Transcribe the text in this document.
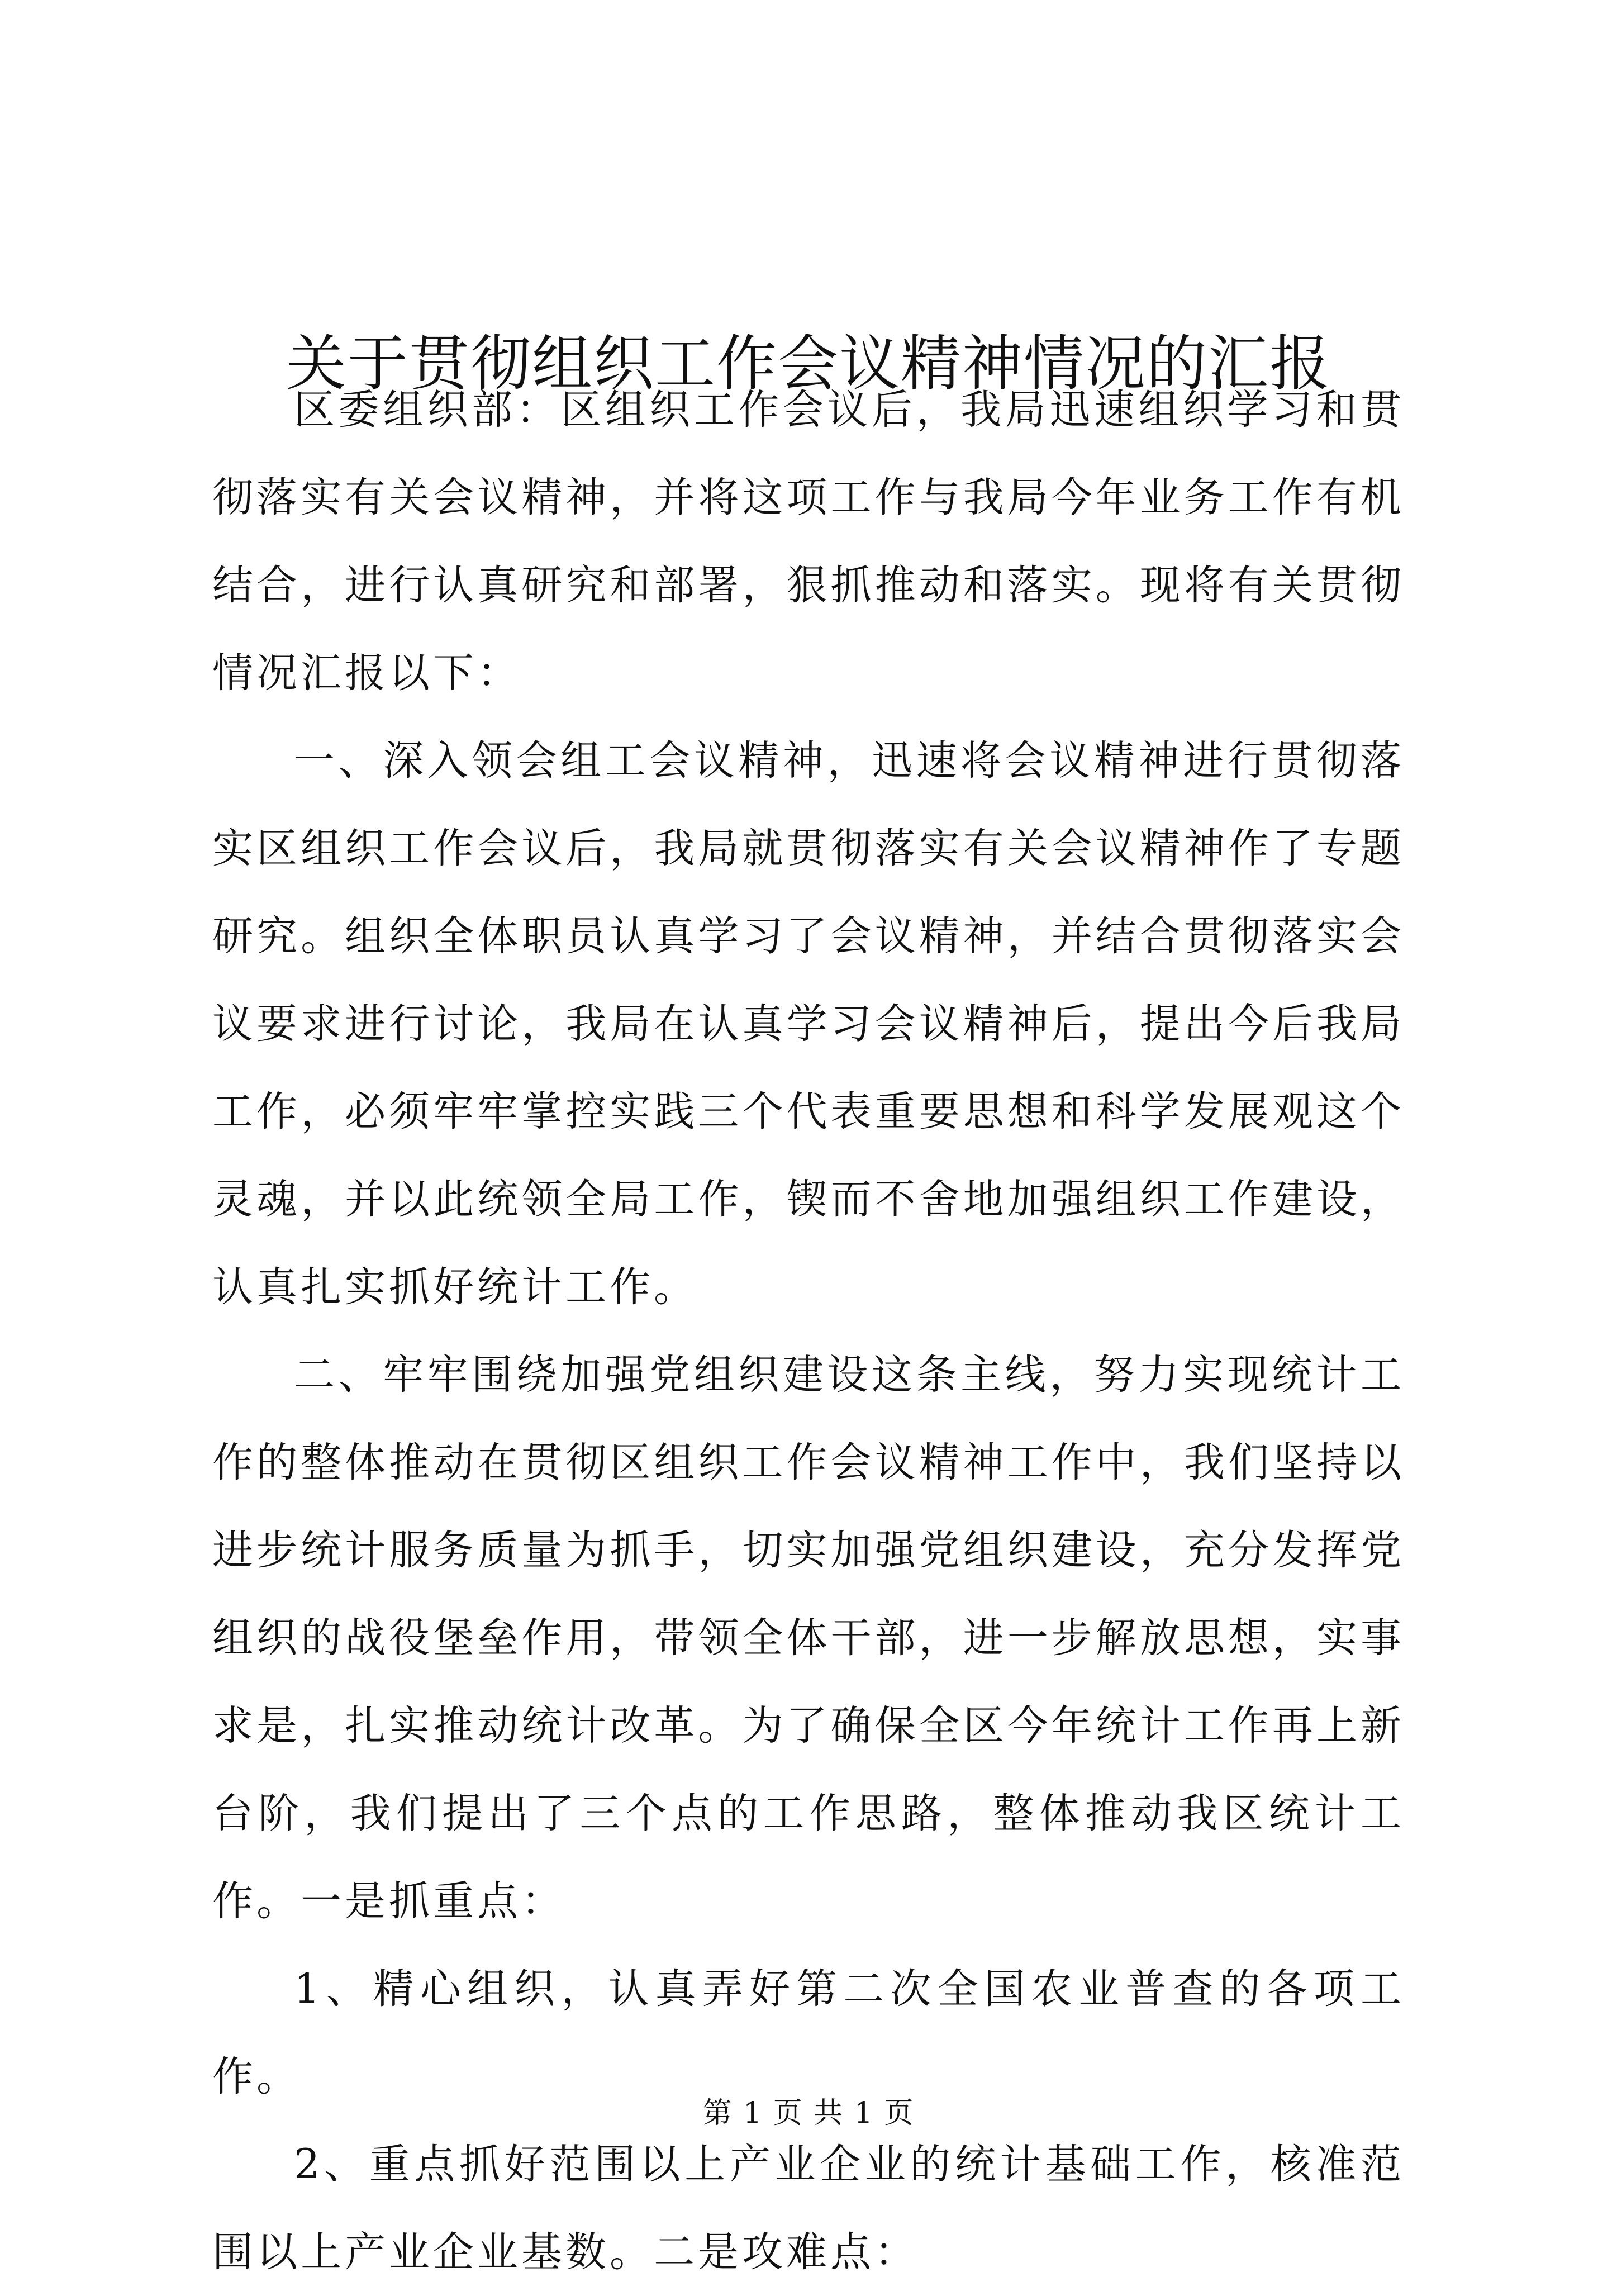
关于贯彻组织工作会议精神情况的汇报

区委组织部：区组织工作会议后，我局迅速组织学习和贯彻落实有关会议精神，并将这项工作与我局今年业务工作有机结合，进行认真研究和部署，狠抓推动和落实。现将有关贯彻情况汇报以下：

一、深入领会组工会议精神，迅速将会议精神进行贯彻落实区组织工作会议后，我局就贯彻落实有关会议精神作了专题研究。组织全体职员认真学习了会议精神，并结合贯彻落实会议要求进行讨论，我局在认真学习会议精神后，提出今后我局工作，必须牢牢掌控实践三个代表重要思想和科学发展观这个灵魂，并以此统领全局工作，锲而不舍地加强组织工作建设，认真扎实抓好统计工作。

二、牢牢围绕加强党组织建设这条主线，努力实现统计工作的整体推动在贯彻区组织工作会议精神工作中，我们坚持以进步统计服务质量为抓手，切实加强党组织建设，充分发挥党组织的战役堡垒作用，带领全体干部，进一步解放思想，实事求是，扎实推动统计改革。为了确保全区今年统计工作再上新台阶，我们提出了三个点的工作思路，整体推动我区统计工作。一是抓重点：

1、精心组织，认真弄好第二次全国农业普查的各项工作。

2、重点抓好范围以上产业企业的统计基础工作，核准范围以上产业企业基数。二是攻难点：

第 1 页 共 1 页
